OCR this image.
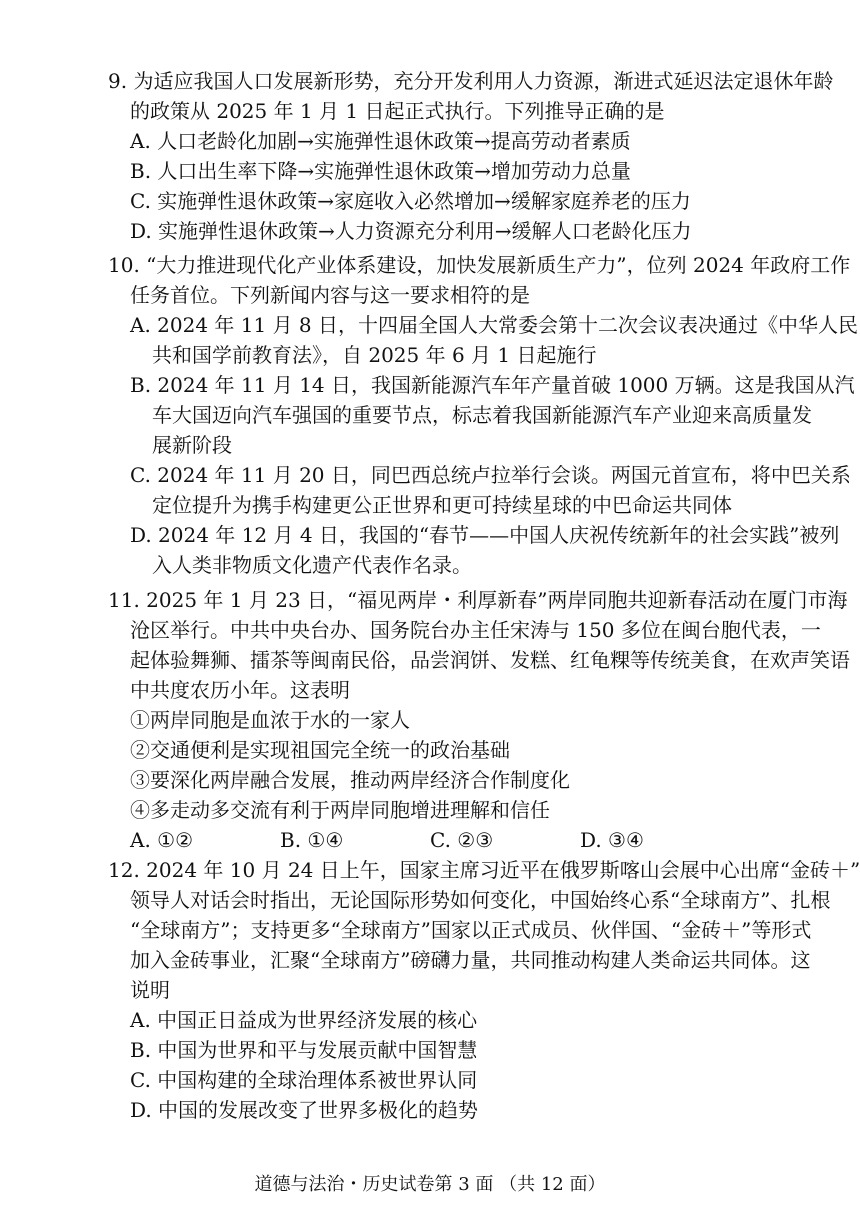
9. 为适应我国人口发展新形势，充分开发利用人力资源，渐进式延迟法定退休年龄
的政策从 2025 年 1 月 1 日起正式执行。下列推导正确的是
A. 人口老龄化加剧→实施弹性退休政策→提高劳动者素质
B. 人口出生率下降→实施弹性退休政策→增加劳动力总量
C. 实施弹性退休政策→家庭收入必然增加→缓解家庭养老的压力
D. 实施弹性退休政策→人力资源充分利用→缓解人口老龄化压力
10. “大力推进现代化产业体系建设，加快发展新质生产力”，位列 2024 年政府工作
任务首位。下列新闻内容与这一要求相符的是
A. 2024 年 11 月 8 日，十四届全国人大常委会第十二次会议表决通过《中华人民
共和国学前教育法》，自 2025 年 6 月 1 日起施行
B. 2024 年 11 月 14 日，我国新能源汽车年产量首破 1000 万辆。这是我国从汽
车大国迈向汽车强国的重要节点，标志着我国新能源汽车产业迎来高质量发
展新阶段
C. 2024 年 11 月 20 日，同巴西总统卢拉举行会谈。两国元首宣布，将中巴关系
定位提升为携手构建更公正世界和更可持续星球的中巴命运共同体
D. 2024 年 12 月 4 日，我国的“春节——中国人庆祝传统新年的社会实践”被列
入人类非物质文化遗产代表作名录。
11. 2025 年 1 月 23 日，“福见两岸・利厚新春”两岸同胞共迎新春活动在厦门市海
沧区举行。中共中央台办、国务院台办主任宋涛与 150 多位在闽台胞代表，一
起体验舞狮、擂茶等闽南民俗，品尝润饼、发糕、红龟粿等传统美食，在欢声笑语
中共度农历小年。这表明
①两岸同胞是血浓于水的一家人
②交通便利是实现祖国完全统一的政治基础
③要深化两岸融合发展，推动两岸经济合作制度化
④多走动多交流有利于两岸同胞增进理解和信任
A. ①②	B. ①④	C. ②③	D. ③④
12. 2024 年 10 月 24 日上午，国家主席习近平在俄罗斯喀山会展中心出席“金砖＋”
领导人对话会时指出，无论国际形势如何变化，中国始终心系“全球南方”、扎根
“全球南方”；支持更多“全球南方”国家以正式成员、伙伴国、“金砖＋”等形式
加入金砖事业，汇聚“全球南方”磅礴力量，共同推动构建人类命运共同体。这
说明
A. 中国正日益成为世界经济发展的核心
B. 中国为世界和平与发展贡献中国智慧
C. 中国构建的全球治理体系被世界认同
D. 中国的发展改变了世界多极化的趋势
道德与法治・历史试卷第 3 面 （共 12 面）
